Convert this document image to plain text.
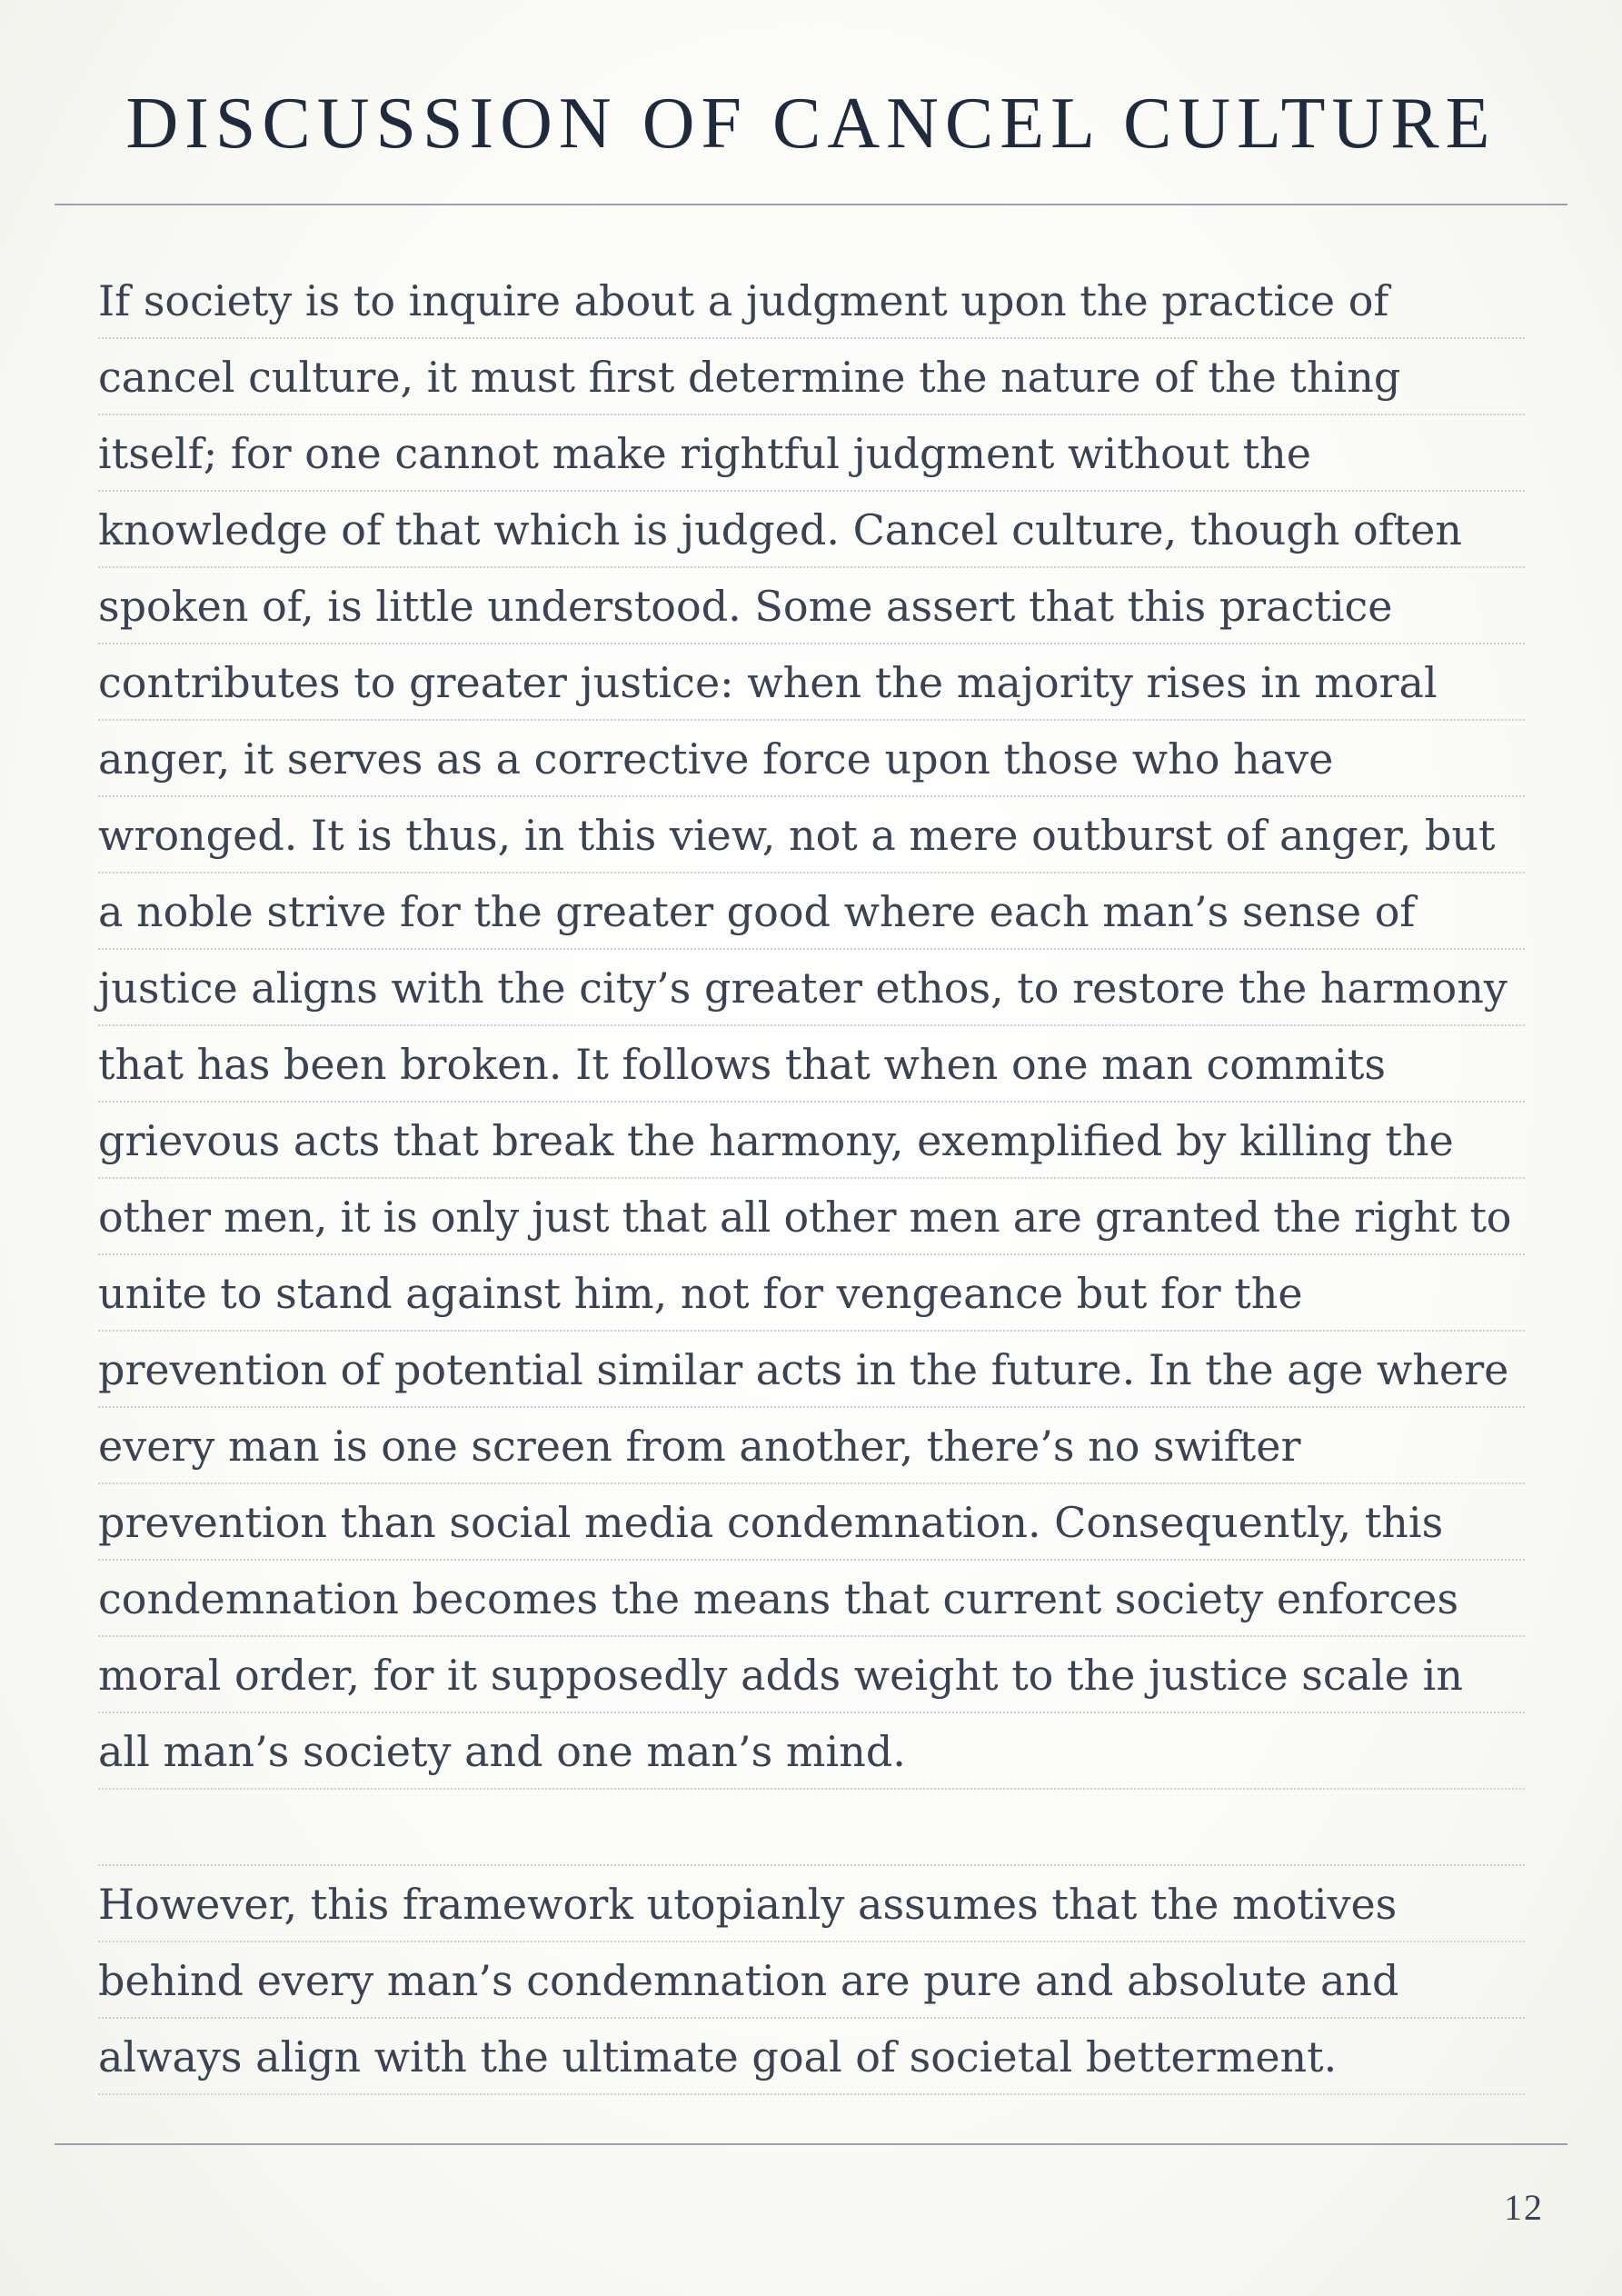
DISCUSSION OF CANCEL CULTURE
If society is to inquire about a judgment upon the practice of
cancel culture, it must first determine the nature of the thing
itself; for one cannot make rightful judgment without the
knowledge of that which is judged. Cancel culture, though often
spoken of, is little understood. Some assert that this practice
contributes to greater justice: when the majority rises in moral
anger, it serves as a corrective force upon those who have
wronged. It is thus, in this view, not a mere outburst of anger, but
a noble strive for the greater good where each man’s sense of
justice aligns with the city’s greater ethos, to restore the harmony
that has been broken. It follows that when one man commits
grievous acts that break the harmony, exemplified by killing the
other men, it is only just that all other men are granted the right to
unite to stand against him, not for vengeance but for the
prevention of potential similar acts in the future. In the age where
every man is one screen from another, there’s no swifter
prevention than social media condemnation. Consequently, this
condemnation becomes the means that current society enforces
moral order, for it supposedly adds weight to the justice scale in
all man’s society and one man’s mind.
However, this framework utopianly assumes that the motives
behind every man’s condemnation are pure and absolute and
always align with the ultimate goal of societal betterment.
12
